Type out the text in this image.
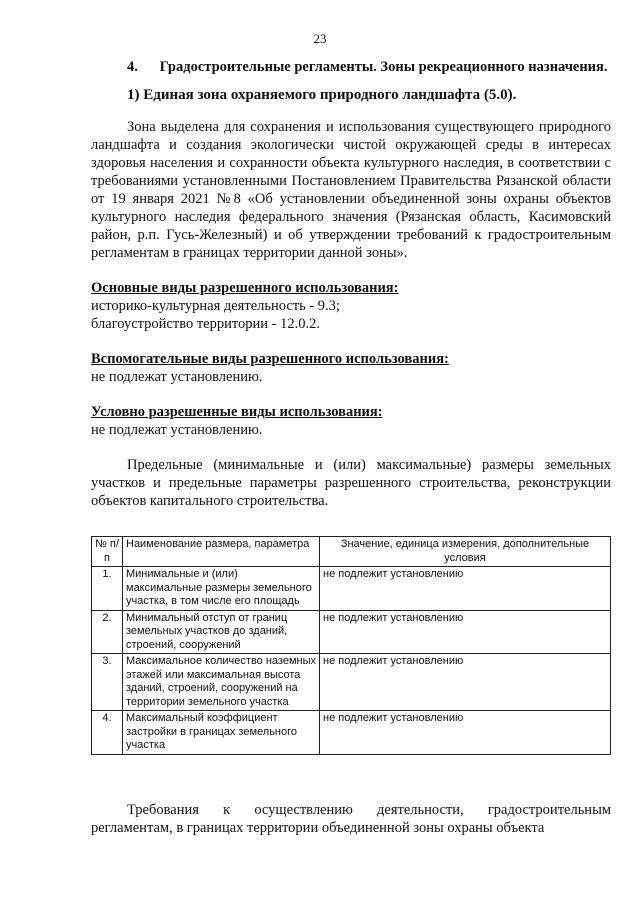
23

4.      Градостроительные регламенты. Зоны рекреационного назначения.

1) Единая зона охраняемого природного ландшафта (5.0).

Зона выделена для сохранения и использования существующего природного ландшафта и создания экологически чистой окружающей среды в интересах здоровья населения и сохранности объекта культурного наследия, в соответствии с требованиями установленными Постановлением Правительства Рязанской области от 19 января 2021 №8 «Об установлении объединенной зоны охраны объектов культурного наследия федерального значения (Рязанская область, Касимовский район, р.п. Гусь-Железный) и об утверждении требований к градостроительным регламентам в границах территории данной зоны».

Основные виды разрешенного использования:

историко-культурная деятельность - 9.3;

благоустройство территории - 12.0.2.

Вспомогательные виды разрешенного использования:

не подлежат установлению.

Условно разрешенные виды использования:

не подлежат установлению.

Предельные (минимальные и (или) максимальные) размеры земельных участков и предельные параметры разрешенного строительства, реконструкции объектов капитального строительства.

№ п/п	Наименование размера, параметра	Значение, единица измерения, дополнительные условия
1.	Минимальные и (или) максимальные размеры земельного участка, в том числе его площадь	не подлежит установлению
2.	Минимальный отступ от границ земельных участков до зданий, строений, сооружений	не подлежит установлению
3.	Максимальное количество наземных этажей или максимальная высота зданий, строений, сооружений на территории земельного участка	не подлежит установлению
4.	Максимальный коэффициент застройки в границах земельного участка	не подлежит установлению

Требования к осуществлению деятельности, градостроительным регламентам, в границах территории объединенной зоны охраны объекта
